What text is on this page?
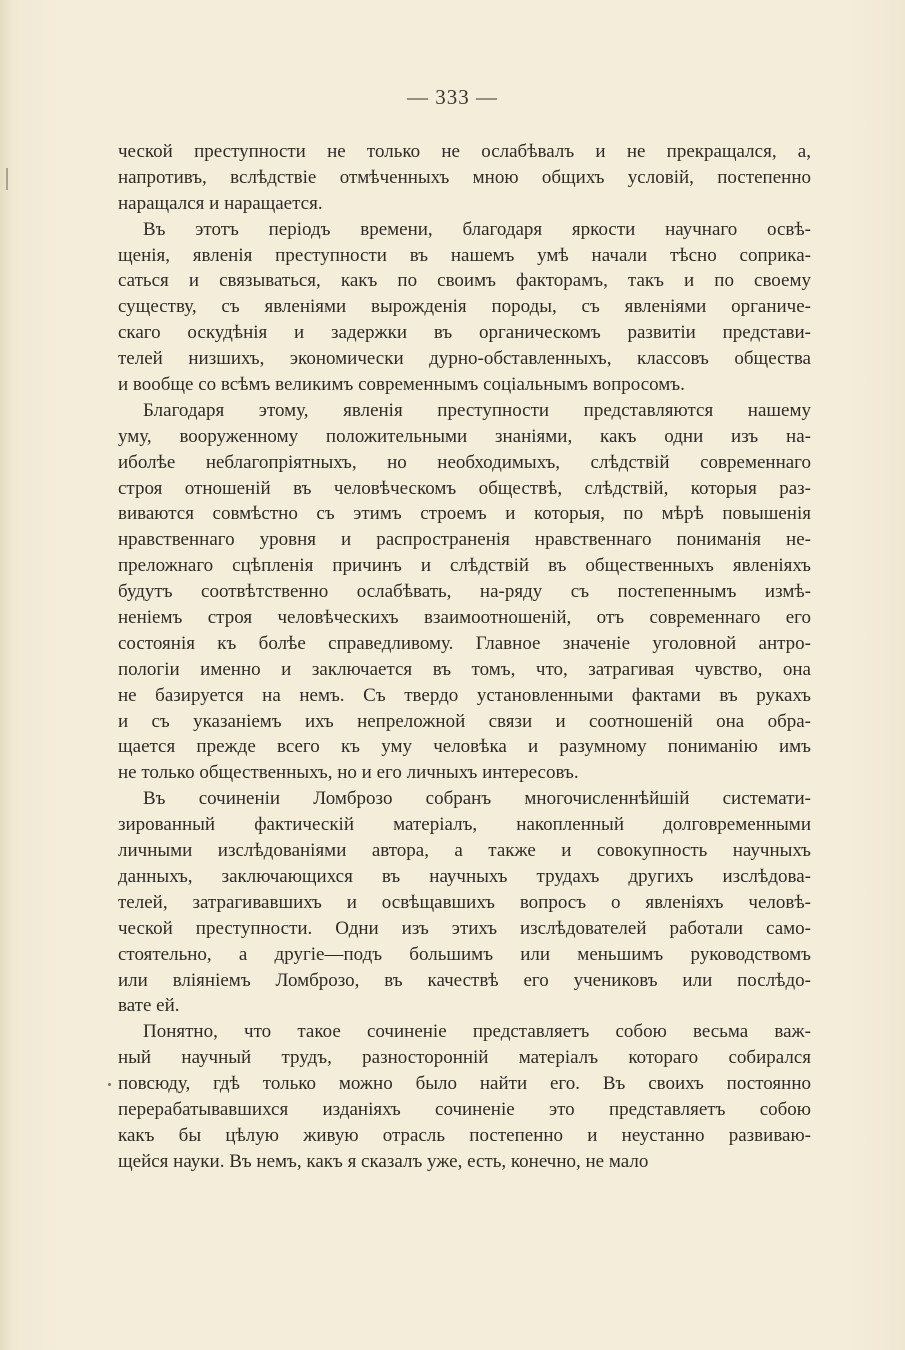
— 333 —
ческой преступности не только не ослабѣвалъ и не прекращался, а,
напротивъ, вслѣдствіе отмѣченныхъ мною общихъ условій, постепенно
наращался и наращается.
Въ этотъ періодъ времени, благодаря яркости научнаго освѣ-
щенія, явленія преступности въ нашемъ умѣ начали тѣсно соприка-
саться и связываться, какъ по своимъ факторамъ, такъ и по своему
существу, съ явленіями вырожденія породы, съ явленіями органиче-
скаго оскудѣнія и задержки въ органическомъ развитіи представи-
телей низшихъ, экономически дурно-обставленныхъ, классовъ общества
и вообще со всѣмъ великимъ современнымъ соціальнымъ вопросомъ.
Благодаря этому, явленія преступности представляются нашему
уму, вооруженному положительными знаніями, какъ одни изъ на-
иболѣе неблагопріятныхъ, но необходимыхъ, слѣдствій современнаго
строя отношеній въ человѣческомъ обществѣ, слѣдствій, которыя раз-
виваются совмѣстно съ этимъ строемъ и которыя, по мѣрѣ повышенія
нравственнаго уровня и распространенія нравственнаго пониманія не-
преложнаго сцѣпленія причинъ и слѣдствій въ общественныхъ явленіяхъ
будутъ соотвѣтственно ослабѣвать, на-ряду съ постепеннымъ измѣ-
неніемъ строя человѣческихъ взаимоотношеній, отъ современнаго его
состоянія къ болѣе справедливому. Главное значеніе уголовной антро-
пологіи именно и заключается въ томъ, что, затрагивая чувство, она
не базируется на немъ. Съ твердо установленными фактами въ рукахъ
и съ указаніемъ ихъ непреложной связи и соотношеній она обра-
щается прежде всего къ уму человѣка и разумному пониманію имъ
не только общественныхъ, но и его личныхъ интересовъ.
Въ сочиненіи Ломброзо собранъ многочисленнѣйшій системати-
зированный фактическій матеріалъ, накопленный долговременными
личными изслѣдованіями автора, а также и совокупность научныхъ
данныхъ, заключающихся въ научныхъ трудахъ другихъ изслѣдова-
телей, затрагивавшихъ и освѣщавшихъ вопросъ о явленіяхъ человѣ-
ческой преступности. Одни изъ этихъ изслѣдователей работали само-
стоятельно, а другіе—подъ большимъ или меньшимъ руководствомъ
или вліяніемъ Ломброзо, въ качествѣ его учениковъ или послѣдо-
вате ей.
Понятно, что такое сочиненіе представляетъ собою весьма важ-
ный научный трудъ, разносторонній матеріалъ котораго собирался
повсюду, гдѣ только можно было найти его. Въ своихъ постоянно
перерабатывавшихся изданіяхъ сочиненіе это представляетъ собою
какъ бы цѣлую живую отрасль постепенно и неустанно развиваю-
щейся науки. Въ немъ, какъ я сказалъ уже, есть, конечно, не мало
